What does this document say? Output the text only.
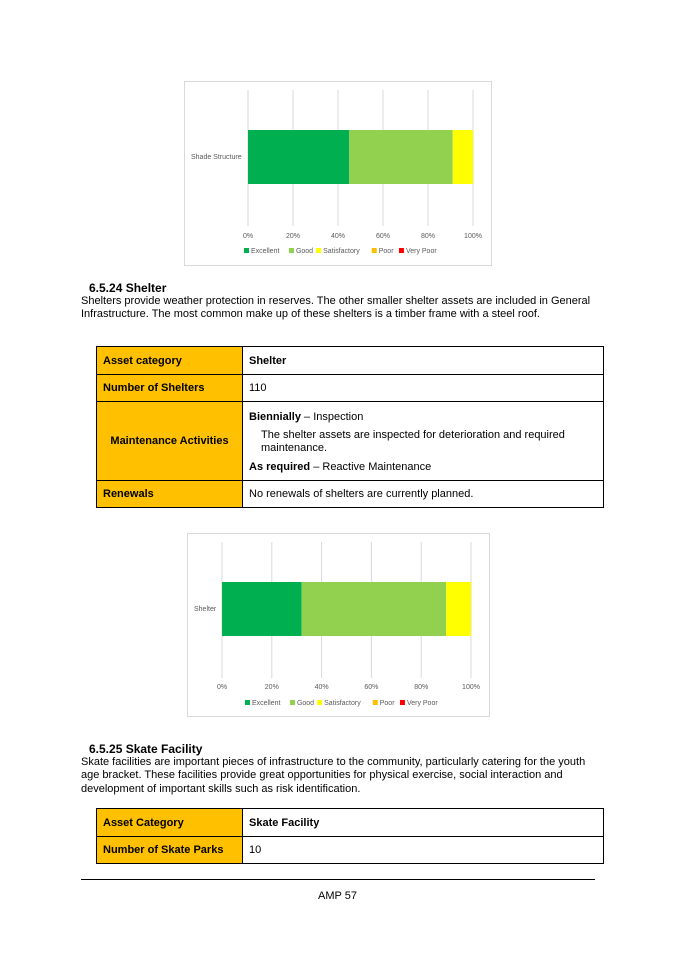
0%	20%	40%	60%	80%	100%
Shade Structure
Excellent Good Satisfactory	Poor Very Poor
6.5.24 Shelter
Shelters provide weather protection in reserves. The other smaller shelter assets are included in General Infrastructure. The most common make up of these shelters is a timber frame with a steel roof.
Asset category	Shelter
Number of Shelters	110
Maintenance Activities	Biennially – Inspection
The shelter assets are inspected for deterioration and required maintenance.
As required – Reactive Maintenance

Renewals	No renewals of shelters are currently planned.
0%	20%	40%	60%	80%	100%
Shelter
Excellent Good Satisfactory	Poor Very Poor
6.5.25 Skate Facility
Skate facilities are important pieces of infrastructure to the community, particularly catering for the youth age bracket. These facilities provide great opportunities for physical exercise, social interaction and development of important skills such as risk identification.
Asset Category	Skate Facility
Number of Skate Parks	10
AMP 57
